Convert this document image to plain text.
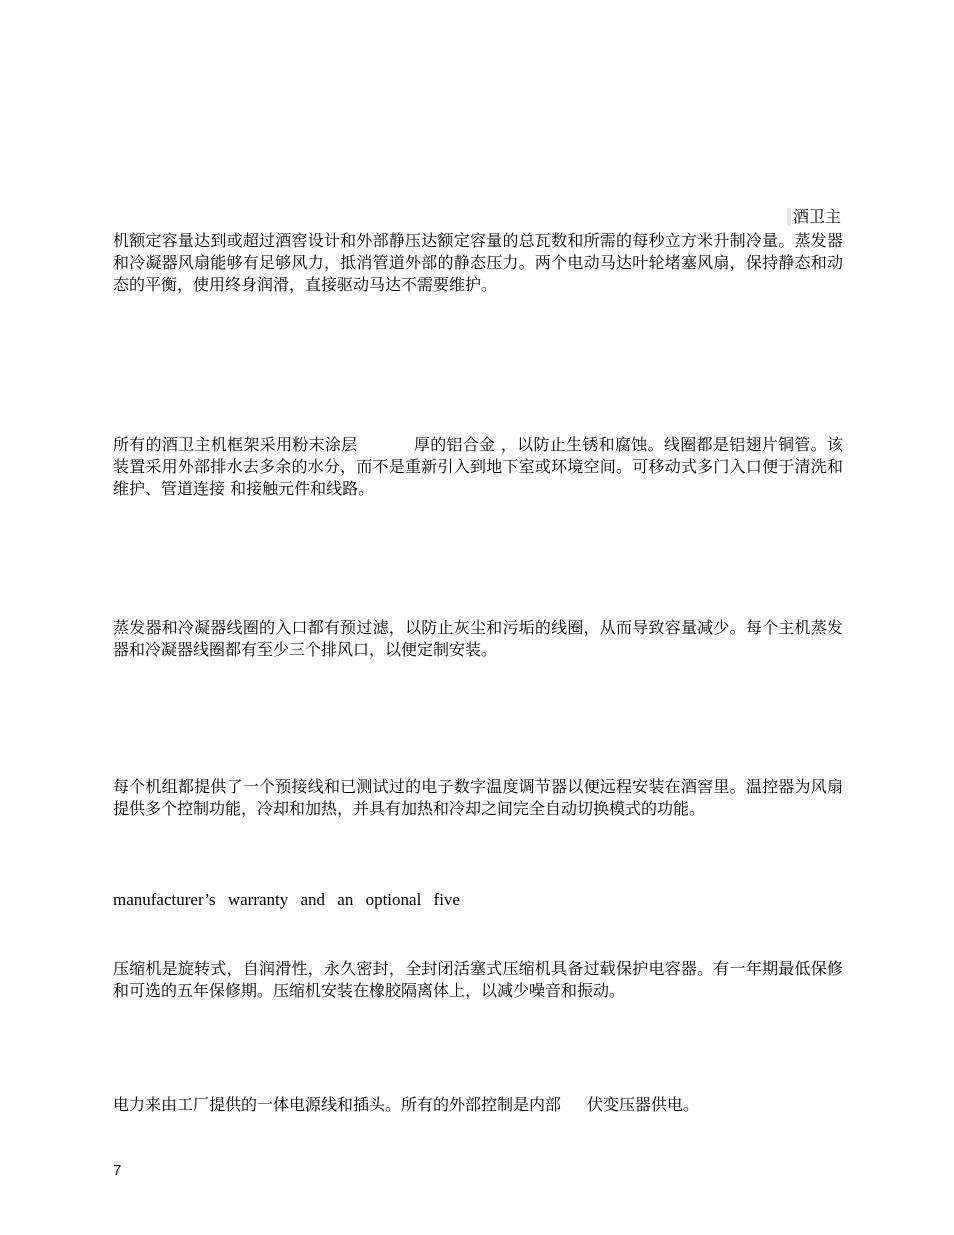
酒卫主

机额定容量达到或超过酒窖设计和外部静压达额定容量的总瓦数和所需的每秒立方米升制冷量。蒸发器和冷凝器风扇能够有足够风力，抵消管道外部的静态压力。两个电动马达叶轮堵塞风扇，保持静态和动态的平衡，使用终身润滑，直接驱动马达不需要维护。

所有的酒卫主机框架采用粉末涂层	厚的铝合金 ，以防止生锈和腐蚀。线圈都是铝翅片铜管。该装置采用外部排水去多余的水分，而不是重新引入到地下室或环境空间。可移动式多门入口便于清洗和维护、管道连接 和接触元件和线路。

蒸发器和冷凝器线圈的入口都有预过滤，以防止灰尘和污垢的线圈，从而导致容量减少。每个主机蒸发器和冷凝器线圈都有至少三个排风口，以便定制安装。

每个机组都提供了一个预接线和已测试过的电子数字温度调节器以便远程安装在酒窖里。温控器为风扇提供多个控制功能，冷却和加热，并具有加热和冷却之间完全自动切换模式的功能。

manufacturer’s warranty and an optional five

压缩机是旋转式，自润滑性，永久密封，全封闭活塞式压缩机具备过载保护电容器。有一年期最低保修和可选的五年保修期。压缩机安装在橡胶隔离体上，以减少噪音和振动。

电力来由工厂提供的一体电源线和插头。所有的外部控制是内部 伏变压器供电。

7
